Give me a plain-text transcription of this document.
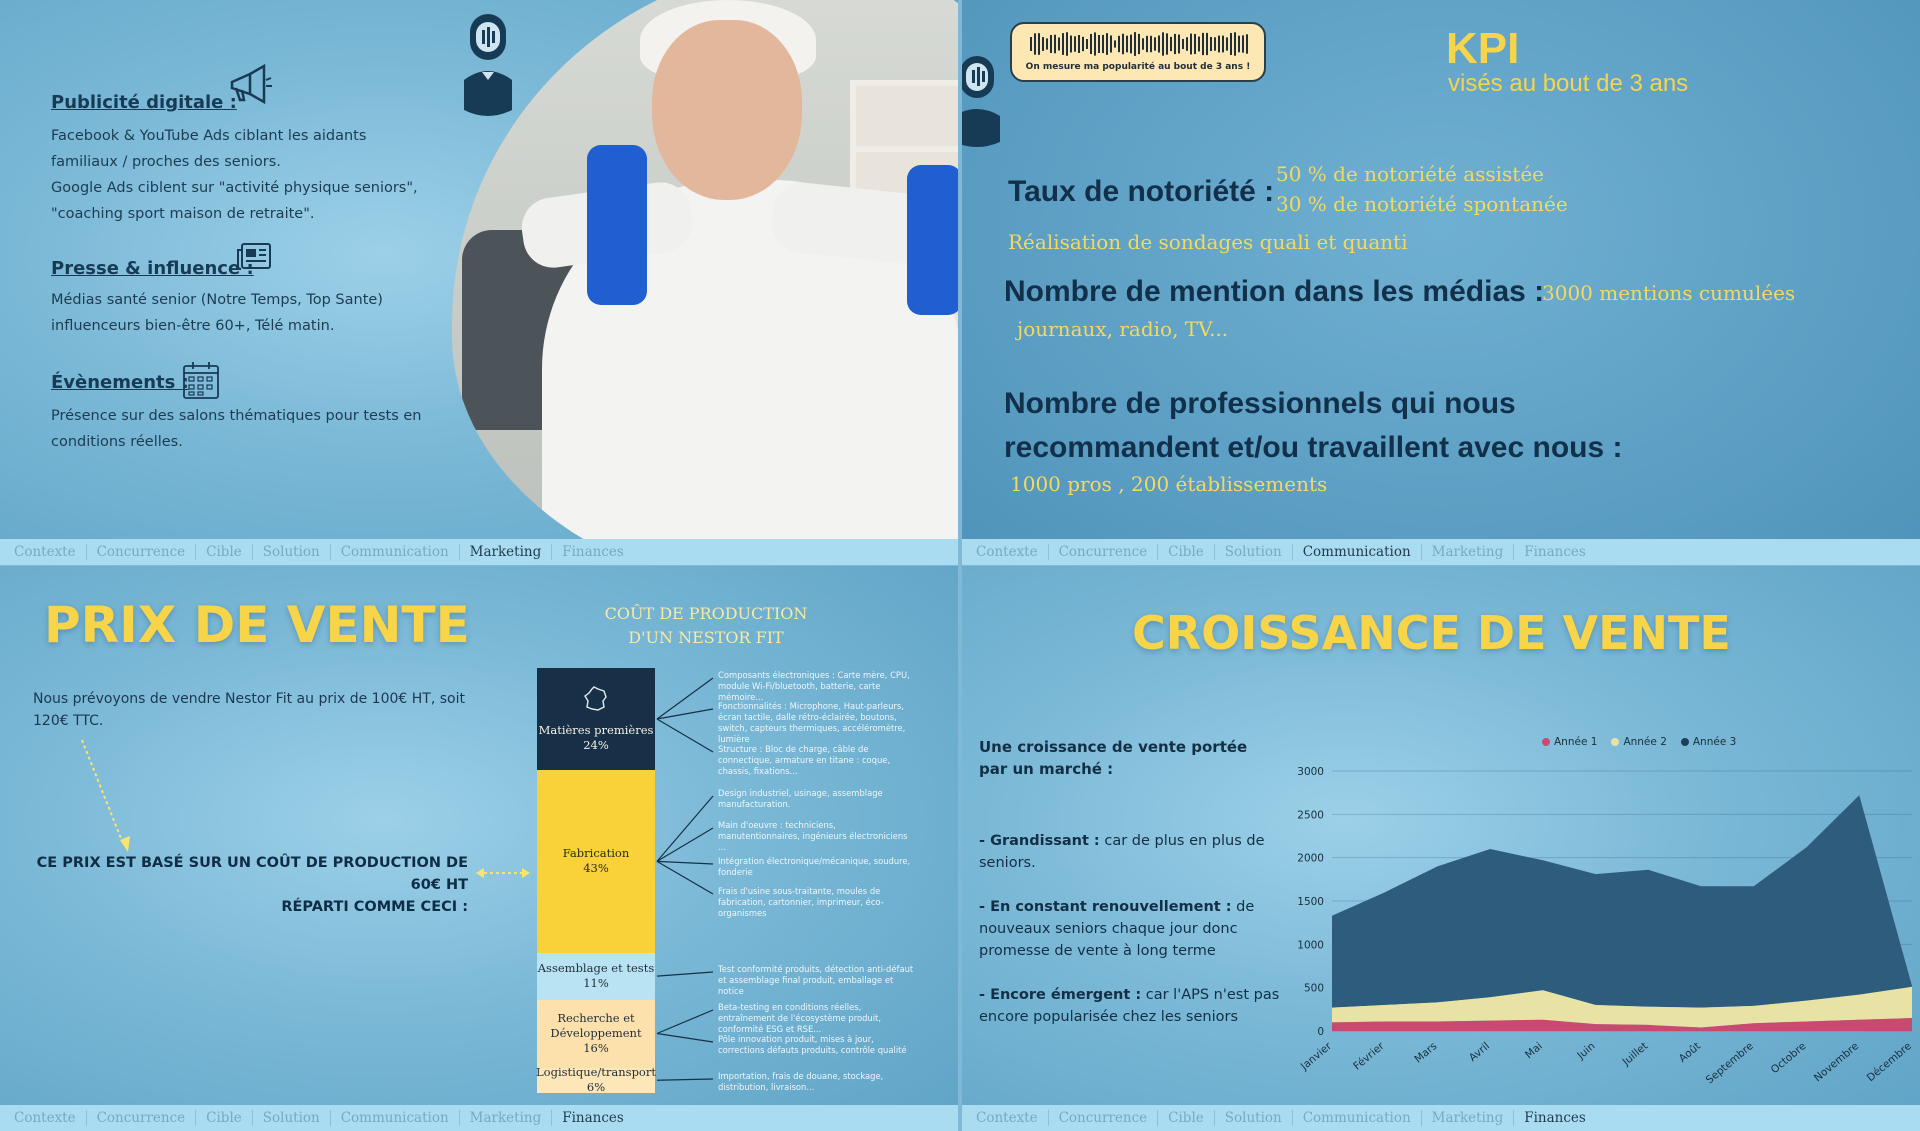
Publicité digitale :
Facebook & YouTube Ads ciblant les aidants
familiaux / proches des seniors.
Google Ads ciblent sur "activité physique seniors",
"coaching sport maison de retraite".
Presse & influence :
Médias santé senior (Notre Temps, Top Sante)
influenceurs bien-être 60+, Télé matin.
Évènements :
Présence sur des salons thématiques pour tests en
conditions réelles.
Contexte	Concurrence	Cible	Solution	Communication	Marketing	Finances
On mesure ma popularité au bout de 3 ans !	KPI
visés au bout de 3 ans
Taux de notoriété :
50 % de notoriété assistée
30 % de notoriété spontanée
Réalisation de sondages quali et quanti
Nombre de mention dans les médias :
3000 mentions cumulées
journaux, radio, TV...
Nombre de professionnels qui nous
recommandent et/ou travaillent avec nous :
1000 pros , 200 établissements
Contexte	Concurrence	Cible	Solution	Communication	Marketing	Finances
PRIX DE VENTE
Nous prévoyons de vendre Nestor Fit au prix de 100€ HT, soit
120€ TTC.
CE PRIX EST BASÉ SUR UN COÛT DE PRODUCTION DE 60€ HT
RÉPARTI COMME CECI :
COÛT DE PRODUCTION
D'UN NESTOR FIT
Matières premières
24%
Fabrication
43%
Assemblage et tests
11%
Recherche et Développement
16%
Logistique/transport
6%
Composants électroniques : Carte mère, CPU, module Wi-Fi/bluetooth, batterie, carte mémoire...
Fonctionnalités : Microphone, Haut-parleurs, écran tactile, dalle rétro-éclairée, boutons, switch, capteurs thermiques, accéléromètre, lumière
Structure : Bloc de charge, câble de connectique, armature en titane : coque, chassis, fixations...
Design industriel, usinage, assemblage manufacturation.
Main d'oeuvre : techniciens, manutentionnaires, ingénieurs électroniciens ...
Intégration électronique/mécanique, soudure, fonderie
Frais d'usine sous-traitante, moules de fabrication, cartonnier, imprimeur, éco-organismes
Test conformité produits, détection anti-défaut et assemblage final produit, emballage et notice
Beta-testing en conditions réelles, entraînement de l'écosystème produit, conformité ESG et RSE...
Pôle innovation produit, mises à jour, corrections défauts produits, contrôle qualité
Importation, frais de douane, stockage, distribution, livraison...
Contexte	Concurrence	Cible	Solution	Communication	Marketing	Finances
CROISSANCE DE VENTE
Une croissance de vente portée
par un marché :
- Grandissant : car de plus en plus de
seniors.
- En constant renouvellement : de
nouveaux seniors chaque jour donc
promesse de vente à long terme
- Encore émergent : car l'APS n'est pas
encore popularisée chez les seniors
Année 1	Année 2	Année 3
0
500
1000
1500
2000
2500
3000
Janvier Février Mars	Avril	Mai	Juin Juillet	Août Septembre Octobre Novembre Décembre
Contexte	Concurrence	Cible	Solution	Communication	Marketing	Finances
